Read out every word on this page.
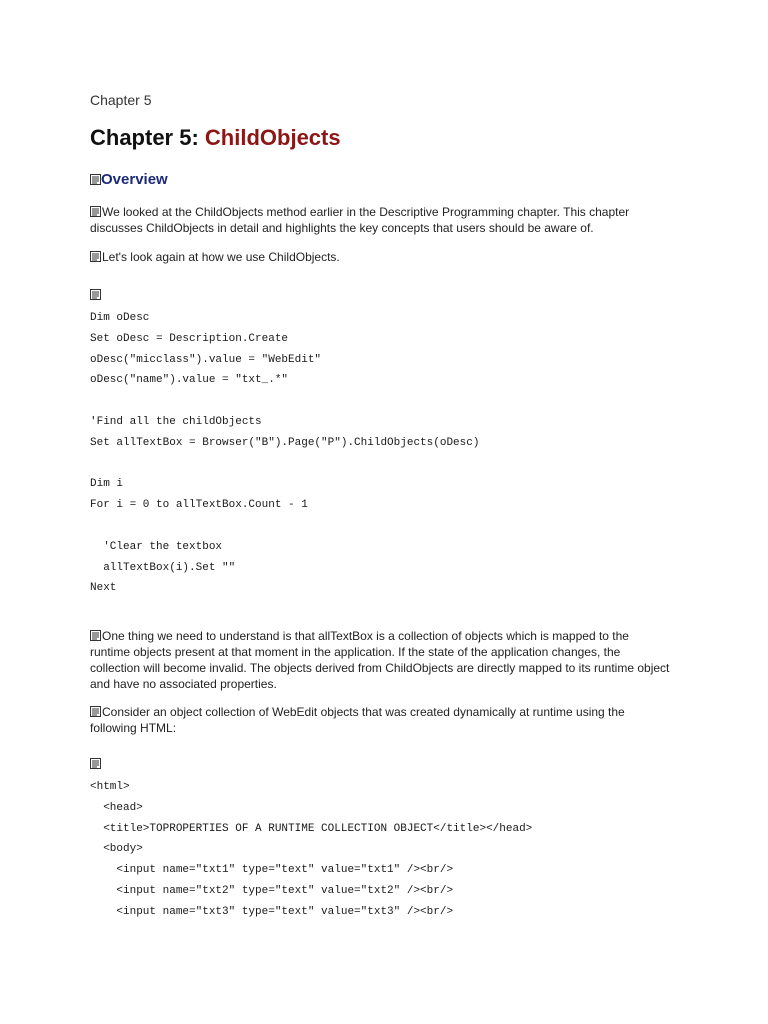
Chapter 5
Chapter 5: ChildObjects
Overview

We looked at the ChildObjects method earlier in the Descriptive Programming chapter. This chapter discusses ChildObjects in detail and highlights the key concepts that users should be aware of.

Let's look again at how we use ChildObjects.

Dim oDesc
Set oDesc = Description.Create
oDesc("micclass").value = "WebEdit"
oDesc("name").value = "txt_.*"
'Find all the childObjects
Set allTextBox = Browser("B").Page("P").ChildObjects(oDesc)
Dim i
For i = 0 to allTextBox.Count - 1
'Clear the textbox
allTextBox(i).Set ""
Next

One thing we need to understand is that allTextBox is a collection of objects which is mapped to the runtime objects present at that moment in the application. If the state of the application changes, the collection will become invalid. The objects derived from ChildObjects are directly mapped to its runtime object and have no associated properties.

Consider an object collection of WebEdit objects that was created dynamically at runtime using the following HTML:

<html>
<head>
<title>TOPROPERTIES OF A RUNTIME COLLECTION OBJECT</title></head>
<body>
<input name="txt1" type="text" value="txt1" /><br/>
<input name="txt2" type="text" value="txt2" /><br/>
<input name="txt3" type="text" value="txt3" /><br/>
